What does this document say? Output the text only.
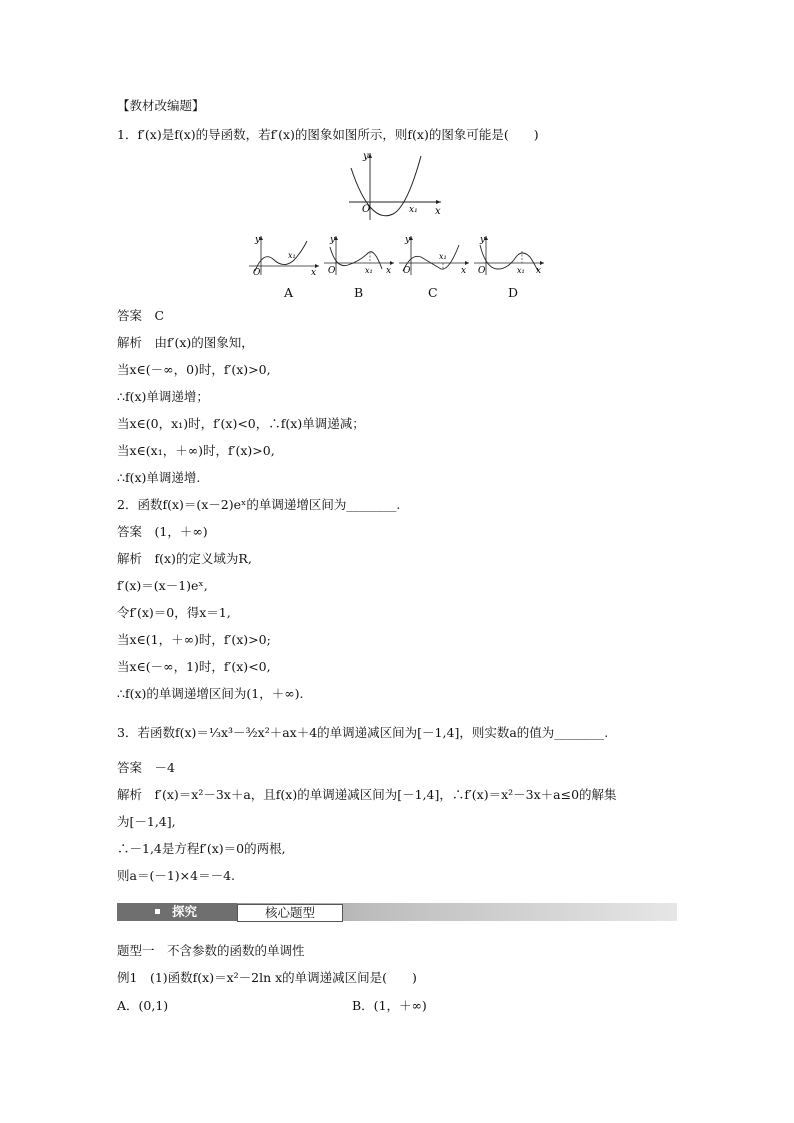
【教材改编题】
1．f′(x)是f(x)的导函数，若f′(x)的图象如图所示，则f(x)的图象可能是(　　)
y
x
O	x₁
y
O
x₁
x
y
O	x₁ x
y
O
x₁
x
y
O	x₁ x
A	B	C	D
答案　C
解析　由f′(x)的图象知，
当x∈(－∞，0)时，f′(x)>0,
∴f(x)单调递增；
当x∈(0，x₁)时，f′(x)<0，∴f(x)单调递减；
当x∈(x₁，＋∞)时，f′(x)>0,
∴f(x)单调递增.
2．函数f(x)＝(x－2)eˣ的单调递增区间为________.
答案　(1，＋∞)
解析　f(x)的定义域为R,
f′(x)＝(x－1)eˣ,
令f′(x)＝0，得x＝1,
当x∈(1，＋∞)时，f′(x)>0;
当x∈(－∞，1)时，f′(x)<0,
∴f(x)的单调递增区间为(1，＋∞).
3．若函数f(x)＝⅓x³－³⁄₂x²＋ax＋4的单调递减区间为[－1,4]，则实数a的值为________.
答案　－4
解析　f′(x)＝x²－3x＋a，且f(x)的单调递减区间为[－1,4]，∴f′(x)＝x²－3x＋a≤0的解集
为[－1,4],
∴－1,4是方程f′(x)＝0的两根,
则a＝(－1)×4＝－4.
探究	核心题型
题型一　不含参数的函数的单调性
例1　(1)函数f(x)＝x²－2ln x的单调递减区间是(　　)
A．(0,1)	B．(1，＋∞)
